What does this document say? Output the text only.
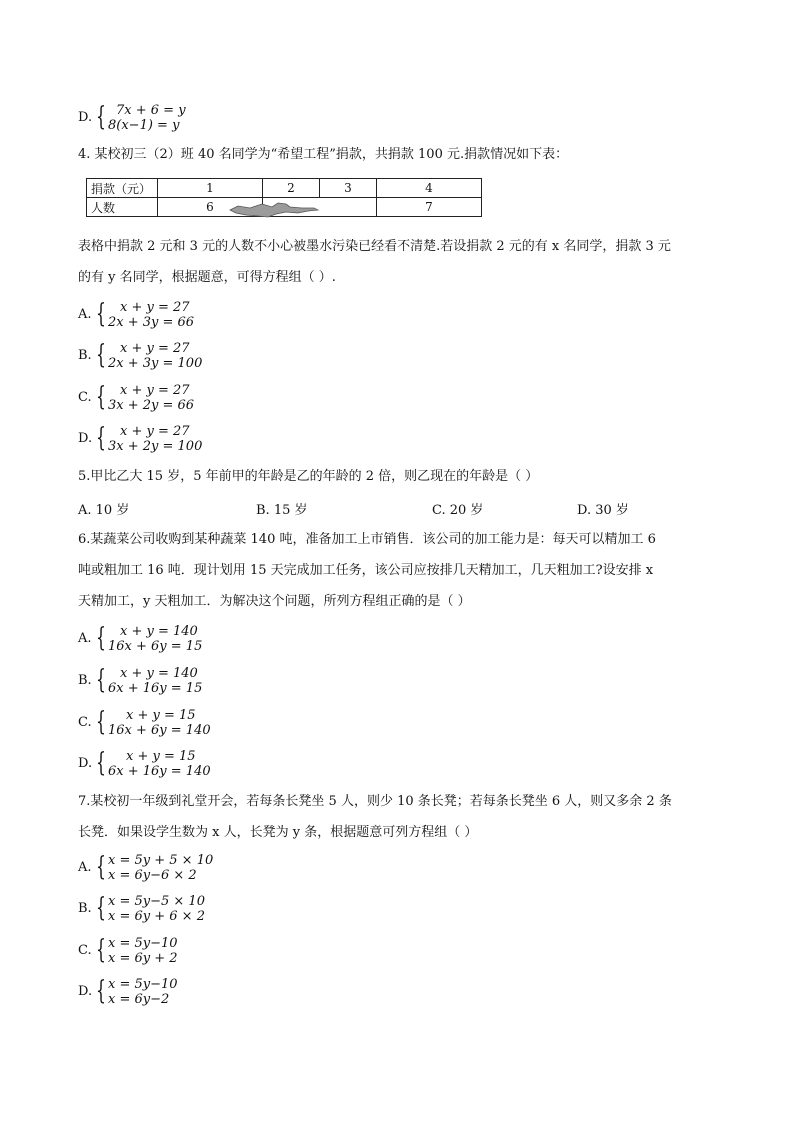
D. { 7x + 6 = y
8(x−1) = y
4. 某校初三（2）班 40 名同学为“希望工程”捐款，共捐款 100 元.捐款情况如下表：
捐款（元）	1	2	3	4
人数	6			7
表格中捐款 2 元和 3 元的人数不小心被墨水污染已经看不清楚.若设捐款 2 元的有 x 名同学，捐款 3 元
的有 y 名同学，根据题意，可得方程组（ ）.
A. { x + y = 27
2x + 3y = 66
B. { x + y = 27
2x + 3y = 100
C. { x + y = 27
3x + 2y = 66
D. { x + y = 27
3x + 2y = 100
5.甲比乙大 15 岁，5 年前甲的年龄是乙的年龄的 2 倍，则乙现在的年龄是（ ）
A. 10 岁	B. 15 岁	C. 20 岁	D. 30 岁
6.某蔬菜公司收购到某种蔬菜 140 吨，准备加工上市销售．该公司的加工能力是：每天可以精加工 6
吨或粗加工 16 吨．现计划用 15 天完成加工任务，该公司应按排几天精加工，几天粗加工?设安排 x
天精加工，y 天粗加工．为解决这个问题，所列方程组正确的是（ ）
A. { x + y = 140
16x + 6y = 15
B. { x + y = 140
6x + 16y = 15
C. { x + y = 15
16x + 6y = 140
D. { x + y = 15
6x + 16y = 140
7.某校初一年级到礼堂开会，若每条长凳坐 5 人，则少 10 条长凳；若每条长凳坐 6 人，则又多余 2 条
长凳．如果设学生数为 x 人，长凳为 y 条，根据题意可列方程组（ ）
A. { x = 5y + 5 × 10
x = 6y−6 × 2
B. { x = 5y−5 × 10
x = 6y + 6 × 2
C. { x = 5y−10
x = 6y + 2
D. { x = 5y−10
x = 6y−2
